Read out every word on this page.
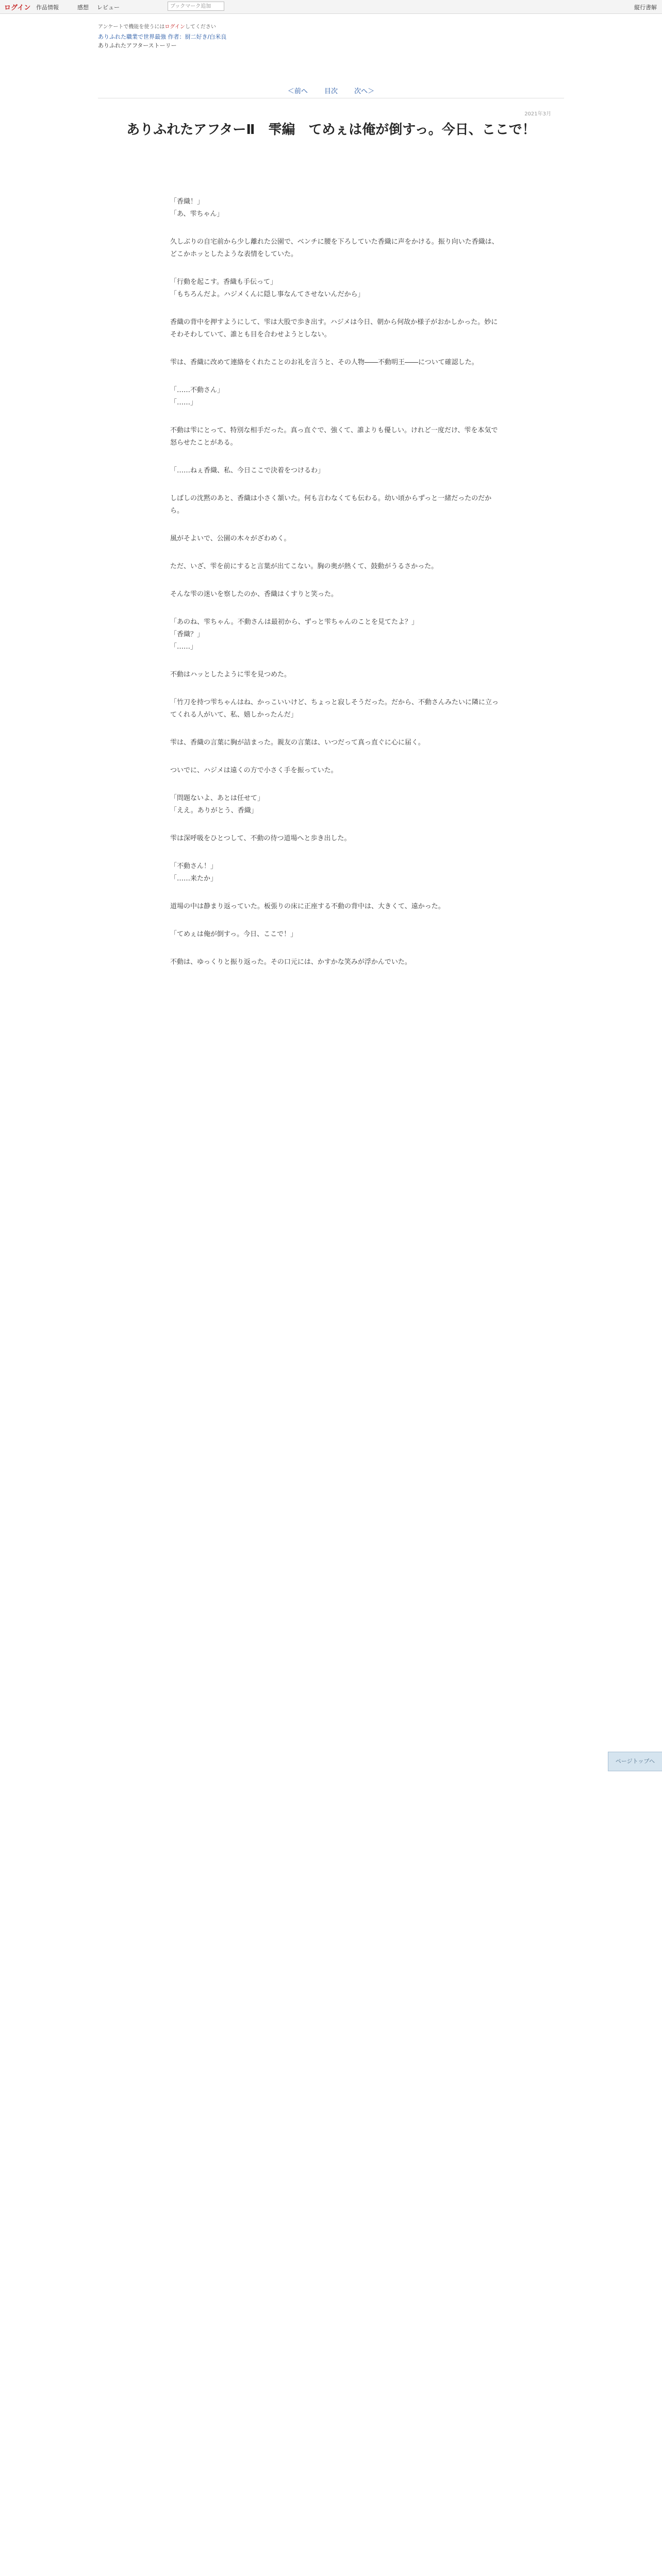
ログイン 作品情報	感想 レビュー	ブックマーク追加	縦行書解
アンケートで機能を使うにはログインしてください
ありふれた職業で世界最強 作者：厨二好き/白米良
ありふれたアフターストーリー
＜前へ 目次 次へ＞
2021年3月
ありふれたアフターⅡ　雫編　てめぇは俺が倒すっ。今日、ここで！

「香織！」
「あ、雫ちゃん」

久しぶりの自宅前から少し離れた公園で、ベンチに腰を下ろしていた香織に声をかける。振り向いた香織は、どこかホッとしたような表情をしていた。

「行動を起こす。香織も手伝って」
「もちろんだよ。ハジメくんに隠し事なんてさせないんだから」

香織の背中を押すようにして、雫は大股で歩き出す。ハジメは今日、朝から何故か様子がおかしかった。妙にそわそわしていて、誰とも目を合わせようとしない。

雫は、香織に改めて連絡をくれたことのお礼を言うと、その人物――不動明王――について確認した。

「……不動さん」
「……」

不動は雫にとって、特別な相手だった。真っ直ぐで、強くて、誰よりも優しい。けれど一度だけ、雫を本気で怒らせたことがある。

「……ねぇ香織、私、今日ここで決着をつけるわ」

しばしの沈黙のあと、香織は小さく頷いた。何も言わなくても伝わる。幼い頃からずっと一緒だったのだから。

風がそよいで、公園の木々がざわめく。

ただ、いざ、雫を前にすると言葉が出てこない。胸の奥が熱くて、鼓動がうるさかった。

そんな雫の迷いを察したのか、香織はくすりと笑った。

「あのね、雫ちゃん。不動さんは最初から、ずっと雫ちゃんのことを見てたよ？」
「香織？」
「……」

不動はハッとしたように雫を見つめた。

「竹刀を持つ雫ちゃんはね、かっこいいけど、ちょっと寂しそうだった。だから、不動さんみたいに隣に立ってくれる人がいて、私、嬉しかったんだ」

雫は、香織の言葉に胸が詰まった。親友の言葉は、いつだって真っ直ぐに心に届く。

ついでに、ハジメは遠くの方で小さく手を振っていた。

「問題ないよ、あとは任せて」
「ええ。ありがとう、香織」

雫は深呼吸をひとつして、不動の待つ道場へと歩き出した。

「不動さん！」
「……来たか」

道場の中は静まり返っていた。板張りの床に正座する不動の背中は、大きくて、遠かった。

「てめぇは俺が倒すっ。今日、ここで！」

不動は、ゆっくりと振り返った。その口元には、かすかな笑みが浮かんでいた。

ページトップへ
